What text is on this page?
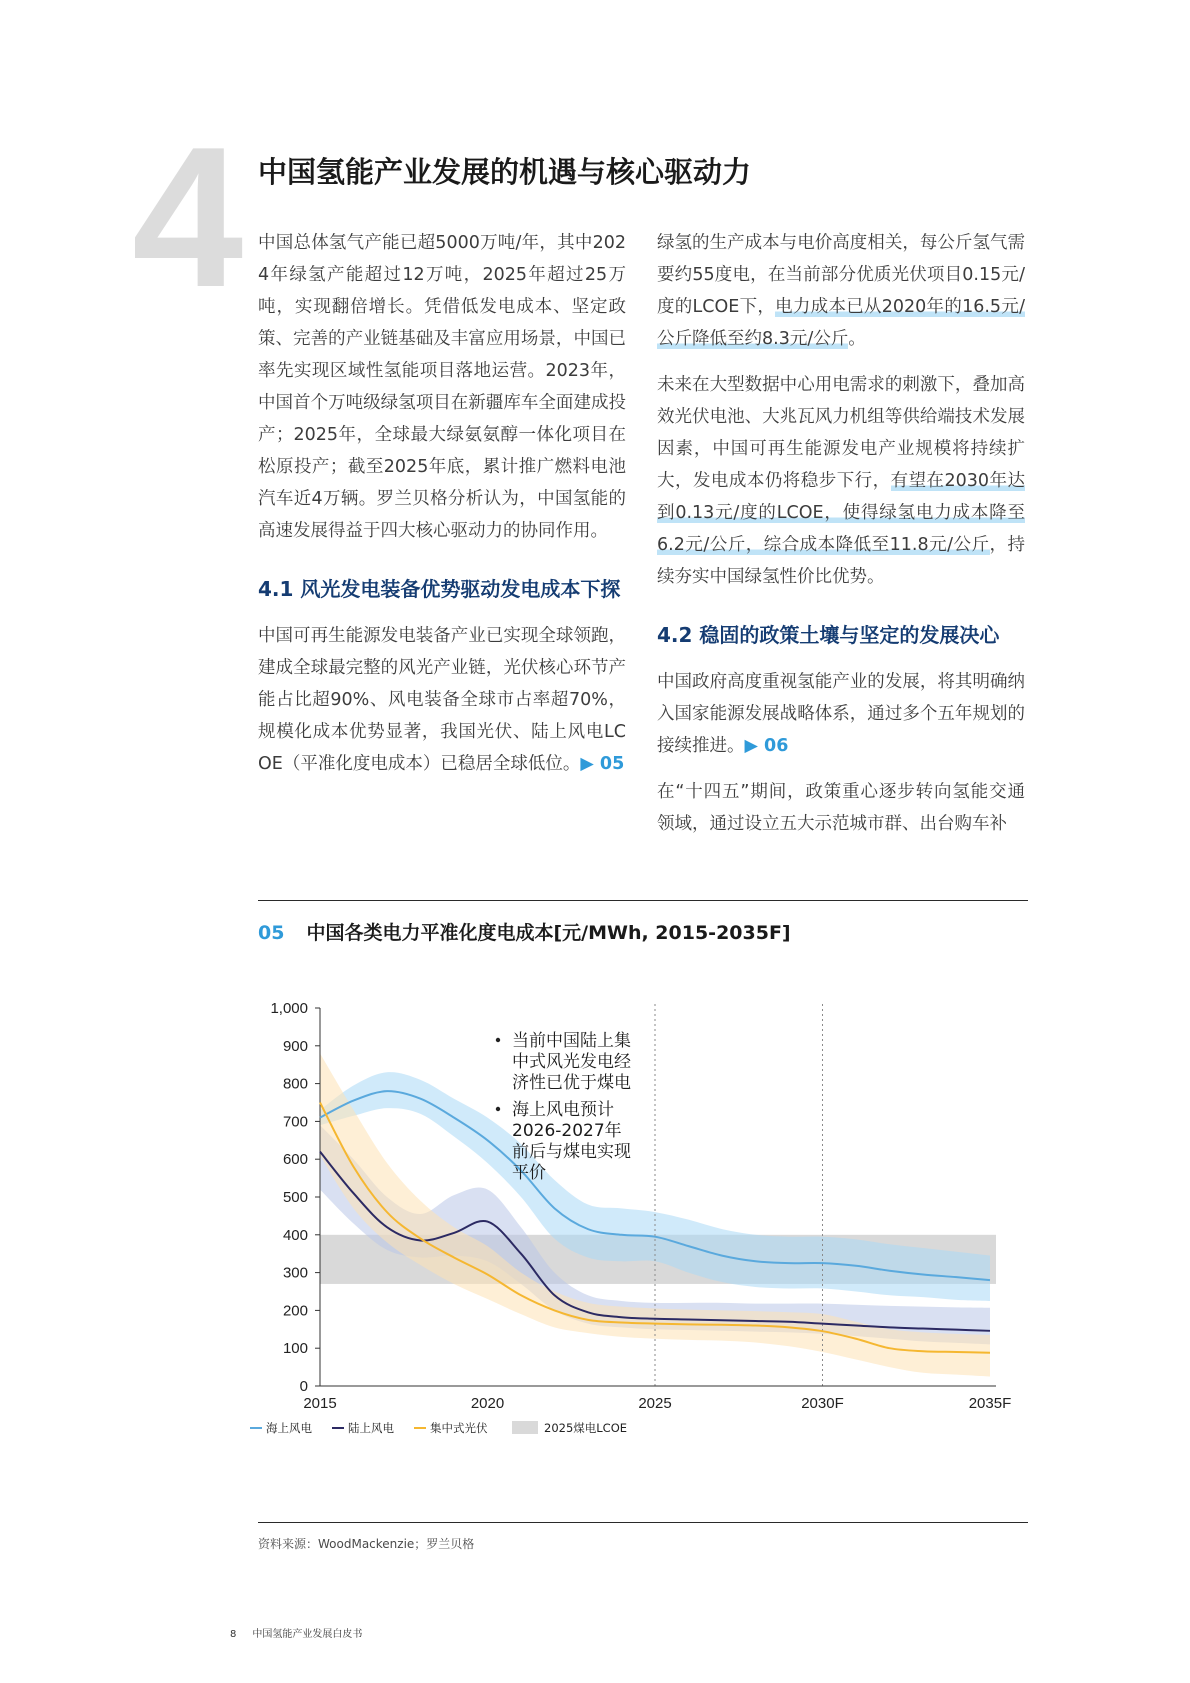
4 中国氢能产业发展的机遇与核心驱动力

中国总体氢气产能已超5000万吨/年，其中2024年绿氢产能超过12万吨，2025年超过25万吨，实现翻倍增长。凭借低发电成本、坚定政策、完善的产业链基础及丰富应用场景，中国已率先实现区域性氢能项目落地运营。2023年，中国首个万吨级绿氢项目在新疆库车全面建成投产；2025年，全球最大绿氨氨醇一体化项目在松原投产；截至2025年底，累计推广燃料电池汽车近4万辆。罗兰贝格分析认为，中国氢能的高速发展得益于四大核心驱动力的协同作用。

4.1 风光发电装备优势驱动发电成本下探

中国可再生能源发电装备产业已实现全球领跑，建成全球最完整的风光产业链，光伏核心环节产能占比超90%、风电装备全球市占率超70%，规模化成本优势显著，我国光伏、陆上风电LCOE（平准化度电成本）已稳居全球低位。▶ 05

绿氢的生产成本与电价高度相关，每公斤氢气需要约55度电，在当前部分优质光伏项目0.15元/度的LCOE下，电力成本已从2020年的16.5元/公斤降低至约8.3元/公斤。

未来在大型数据中心用电需求的刺激下，叠加高效光伏电池、大兆瓦风力机组等供给端技术发展因素，中国可再生能源发电产业规模将持续扩大，发电成本仍将稳步下行，有望在2030年达到0.13元/度的LCOE，使得绿氢电力成本降至6.2元/公斤，综合成本降低至11.8元/公斤，持续夯实中国绿氢性价比优势。

4.2 稳固的政策土壤与坚定的发展决心

中国政府高度重视氢能产业的发展，将其明确纳入国家能源发展战略体系，通过多个五年规划的接续推进。▶ 06

在“十四五”期间，政策重心逐步转向氢能交通领域，通过设立五大示范城市群、出台购车补

05 中国各类电力平准化度电成本[元/MWh, 2015-2035F]
0
100
200
300
400
500
600
700
800
900
1,000
2015	2020	2025	2030F	2035F
当前中国陆上集
中式风光发电经
济性已优于煤电
海上风电预计
2026-2027年
前后与煤电实现
平价
海上风电	陆上风电	集中式光伏	2025煤电LCOE
资料来源：WoodMackenzie；罗兰贝格
8 中国氢能产业发展白皮书
